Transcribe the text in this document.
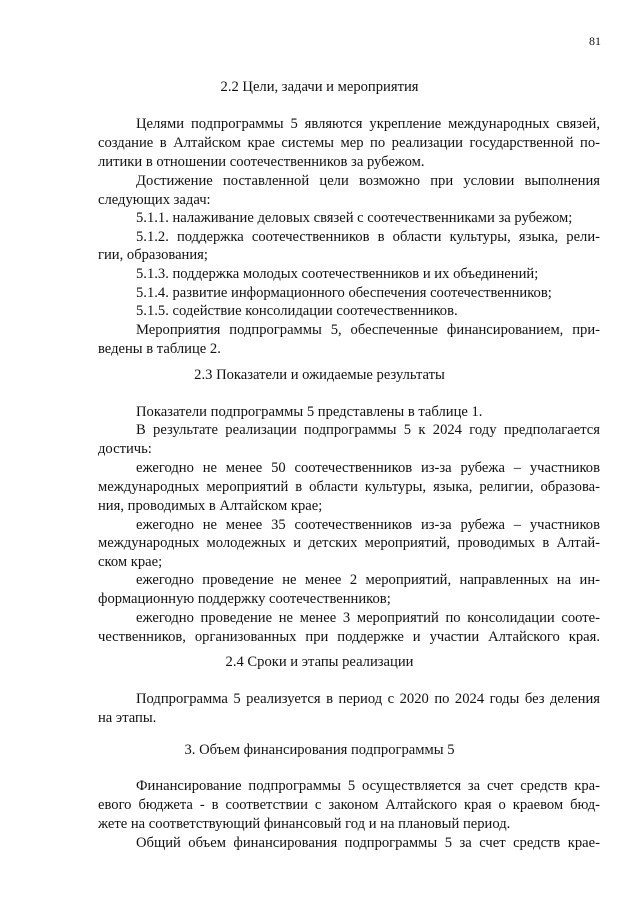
81
2.2 Цели, задачи и мероприятия
Целями подпрограммы 5 являются укрепление международных связей,
создание в Алтайском крае системы мер по реализации государственной по-
литики в отношении соотечественников за рубежом.
Достижение поставленной цели возможно при условии выполнения
следующих задач:
5.1.1. налаживание деловых связей с соотечественниками за рубежом;
5.1.2. поддержка соотечественников в области культуры, языка, рели-
гии, образования;
5.1.3. поддержка молодых соотечественников и их объединений;
5.1.4. развитие информационного обеспечения соотечественников;
5.1.5. содействие консолидации соотечественников.
Мероприятия подпрограммы 5, обеспеченные финансированием, при-
ведены в таблице 2.
2.3 Показатели и ожидаемые результаты
Показатели подпрограммы 5 представлены в таблице 1.
В результате реализации подпрограммы 5 к 2024 году предполагается
достичь:
ежегодно не менее 50 соотечественников из-за рубежа – участников
международных мероприятий в области культуры, языка, религии, образова-
ния, проводимых в Алтайском крае;
ежегодно не менее 35 соотечественников из-за рубежа – участников
международных молодежных и детских мероприятий, проводимых в Алтай-
ском крае;
ежегодно проведение не менее 2 мероприятий, направленных на ин-
формационную поддержку соотечественников;
ежегодно проведение не менее 3 мероприятий по консолидации сооте-
чественников, организованных при поддержке и участии Алтайского края.
2.4 Сроки и этапы реализации
Подпрограмма 5 реализуется в период с 2020 по 2024 годы без деления
на этапы.
3. Объем финансирования подпрограммы 5
Финансирование подпрограммы 5 осуществляется за счет средств кра-
евого бюджета - в соответствии с законом Алтайского края о краевом бюд-
жете на соответствующий финансовый год и на плановый период.
Общий объем финансирования подпрограммы 5 за счет средств крае-
